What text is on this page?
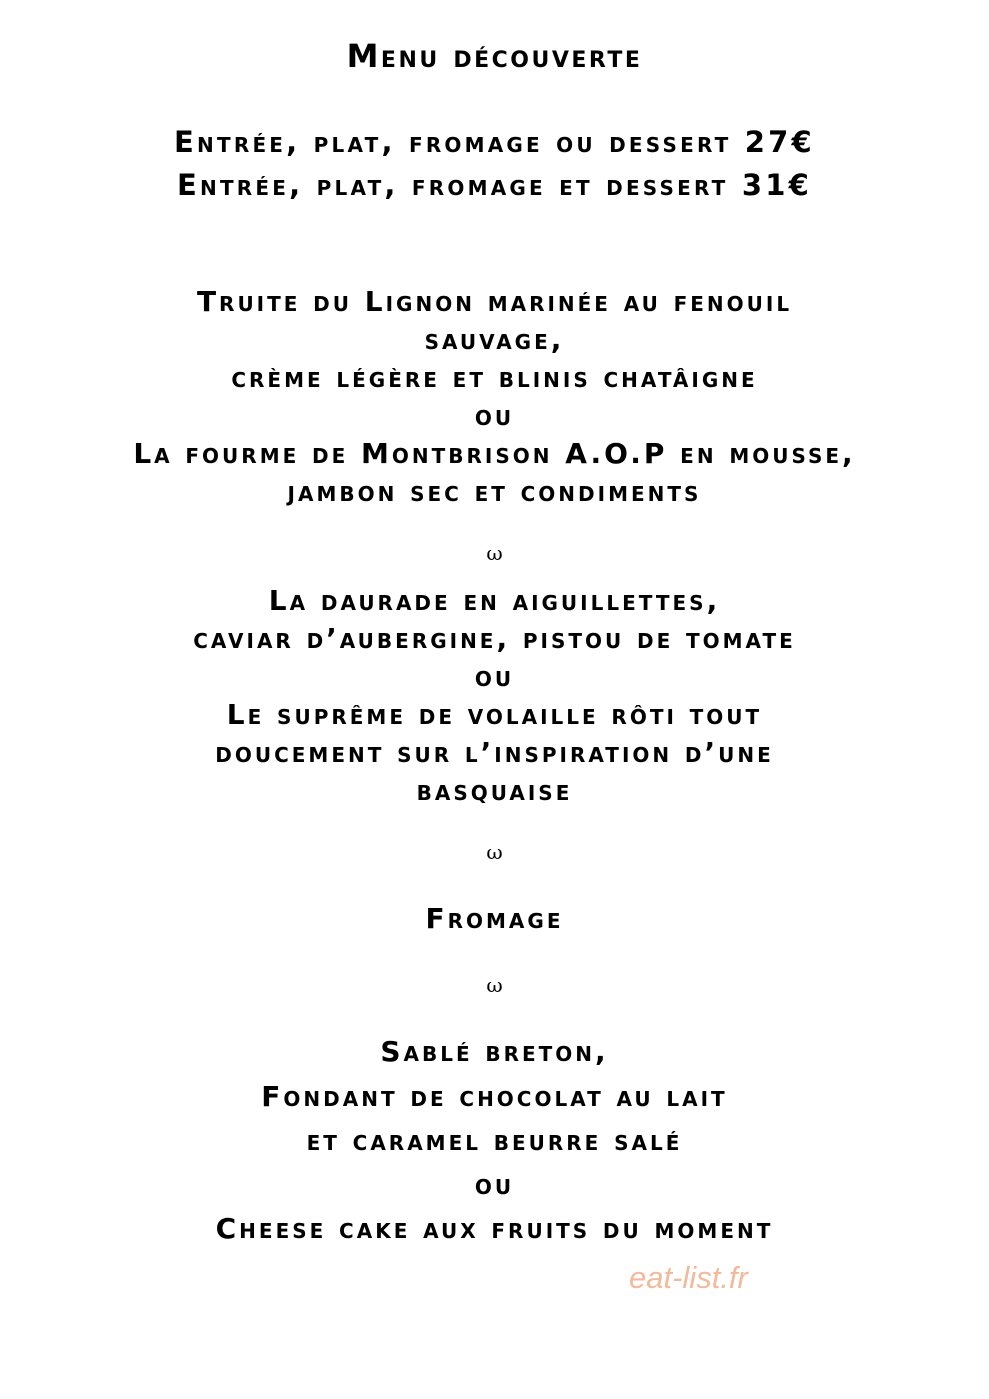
Menu découverte
Entrée, plat, fromage ou dessert 27€
Entrée, plat, fromage et dessert 31€
Truite du Lignon marinée au fenouil
sauvage,
crème légère et blinis chatâigne
ou
La fourme de Montbrison A.O.P en mousse,
jambon sec et condiments
ω
La daurade en aiguillettes,
caviar d’aubergine, pistou de tomate
ou
Le suprême de volaille rôti tout
doucement sur l’inspiration d’une
basquaise
ω
Fromage
ω
Sablé breton,
Fondant de chocolat au lait
et caramel beurre salé
ou
Cheese cake aux fruits du moment
eat-list.fr
